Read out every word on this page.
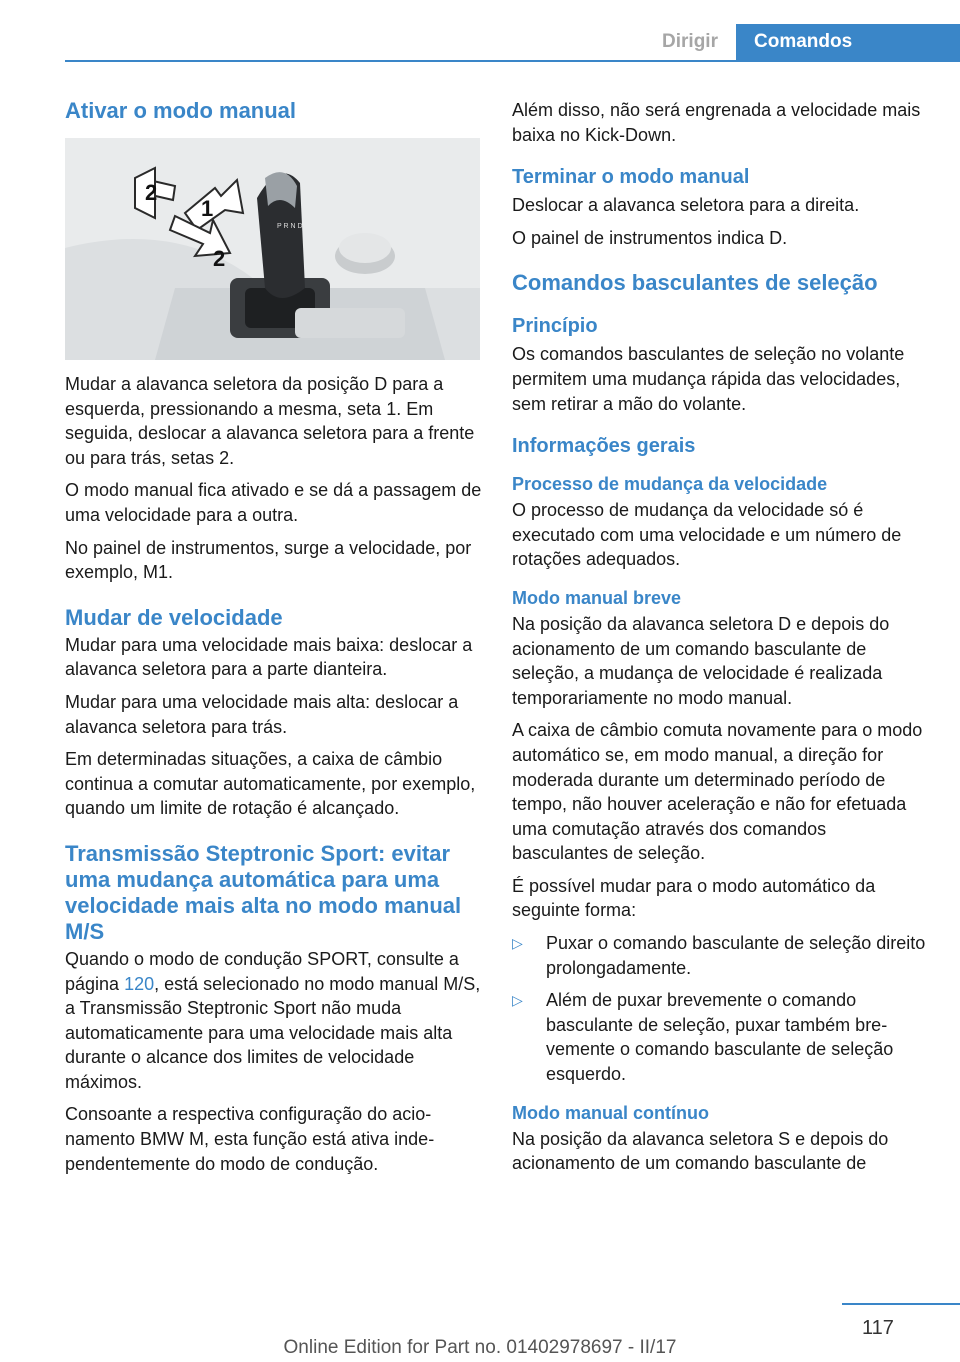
Dirigir	Comandos
Ativar o modo manual
P R N D
2
1
2

Mudar a alavanca seletora da posição D para a esquerda, pressionando a mesma, seta 1. Em seguida, deslocar a alavanca seletora para a frente ou para trás, setas 2.

O modo manual fica ativado e se dá a passagem de uma velocidade para a outra.

No painel de instrumentos, surge a velocidade, por exemplo, M1.

Mudar de velocidade

Mudar para uma velocidade mais baixa: deslocar a alavanca seletora para a parte dianteira.

Mudar para uma velocidade mais alta: deslocar a alavanca seletora para trás.

Em determinadas situações, a caixa de câmbio continua a comutar automaticamente, por exemplo, quando um limite de rotação é alcançado.

Transmissão Steptronic Sport: evitar uma mudança automática para uma velocidade mais alta no modo manual M/S

Quando o modo de condução SPORT, consulte a página 120, está selecionado no modo manual M/S, a Transmissão Steptronic Sport não muda automaticamente para uma velocidade mais alta durante o alcance dos limites de velocidade máximos.

Consoante a respectiva configuração do acionamento BMW M, esta função está ativa independentemente do modo de condução.

Além disso, não será engrenada a velocidade mais baixa no Kick-Down.

Terminar o modo manual

Deslocar a alavanca seletora para a direita.

O painel de instrumentos indica D.

Comandos basculantes de seleção
Princípio

Os comandos basculantes de seleção no volante permitem uma mudança rápida das velocidades, sem retirar a mão do volante.

Informações gerais
Processo de mudança da velocidade

O processo de mudança da velocidade só é executado com uma velocidade e um número de rotações adequados.

Modo manual breve

Na posição da alavanca seletora D e depois do acionamento de um comando basculante de seleção, a mudança de velocidade é realizada temporariamente no modo manual.

A caixa de câmbio comuta novamente para o modo automático se, em modo manual, a direção for moderada durante um determinado período de tempo, não houver aceleração e não for efetuada uma comutação através dos comandos basculantes de seleção.

É possível mudar para o modo automático da seguinte forma:

▷ Puxar o comando basculante de seleção direito prolongadamente.
▷ Além de puxar brevemente o comando basculante de seleção, puxar também brevemente o comando basculante de seleção esquerdo.
Modo manual contínuo

Na posição da alavanca seletora S e depois do acionamento de um comando basculante de

117
Online Edition for Part no. 01402978697 - II/17
